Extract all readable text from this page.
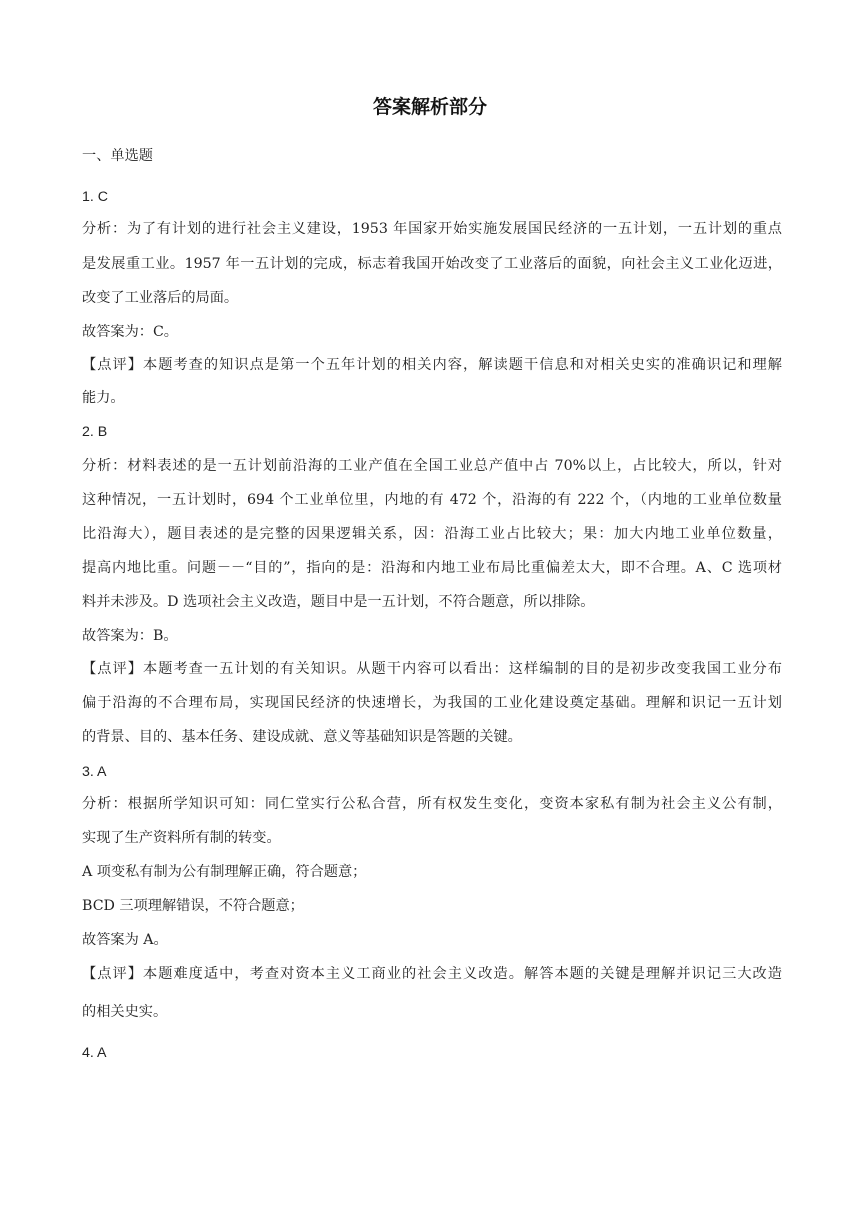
答案解析部分
一、单选题
1. C
分析：为了有计划的进行社会主义建设，1953 年国家开始实施发展国民经济的一五计划，一五计划的重点
是发展重工业。1957 年一五计划的完成，标志着我国开始改变了工业落后的面貌，向社会主义工业化迈进，
改变了工业落后的局面。
故答案为：C。
【点评】本题考查的知识点是第一个五年计划的相关内容，解读题干信息和对相关史实的准确识记和理解
能力。
2. B
分析：材料表述的是一五计划前沿海的工业产值在全国工业总产值中占 70%以上，占比较大，所以，针对
这种情况，一五计划时，694 个工业单位里，内地的有 472 个，沿海的有 222 个，（内地的工业单位数量
比沿海大），题目表述的是完整的因果逻辑关系，因：沿海工业占比较大；果：加大内地工业单位数量，
提高内地比重。问题－－“目的”，指向的是：沿海和内地工业布局比重偏差太大，即不合理。A、C 选项材
料并未涉及。D 选项社会主义改造，题目中是一五计划，不符合题意，所以排除。
故答案为：B。
【点评】本题考查一五计划的有关知识。从题干内容可以看出：这样编制的目的是初步改变我国工业分布
偏于沿海的不合理布局，实现国民经济的快速增长，为我国的工业化建设奠定基础。理解和识记一五计划
的背景、目的、基本任务、建设成就、意义等基础知识是答题的关键。
3. A
分析：根据所学知识可知：同仁堂实行公私合营，所有权发生变化，变资本家私有制为社会主义公有制，
实现了生产资料所有制的转变。
A 项变私有制为公有制理解正确，符合题意；
BCD 三项理解错误，不符合题意；
故答案为 A。
【点评】本题难度适中，考查对资本主义工商业的社会主义改造。解答本题的关键是理解并识记三大改造
的相关史实。
4. A
